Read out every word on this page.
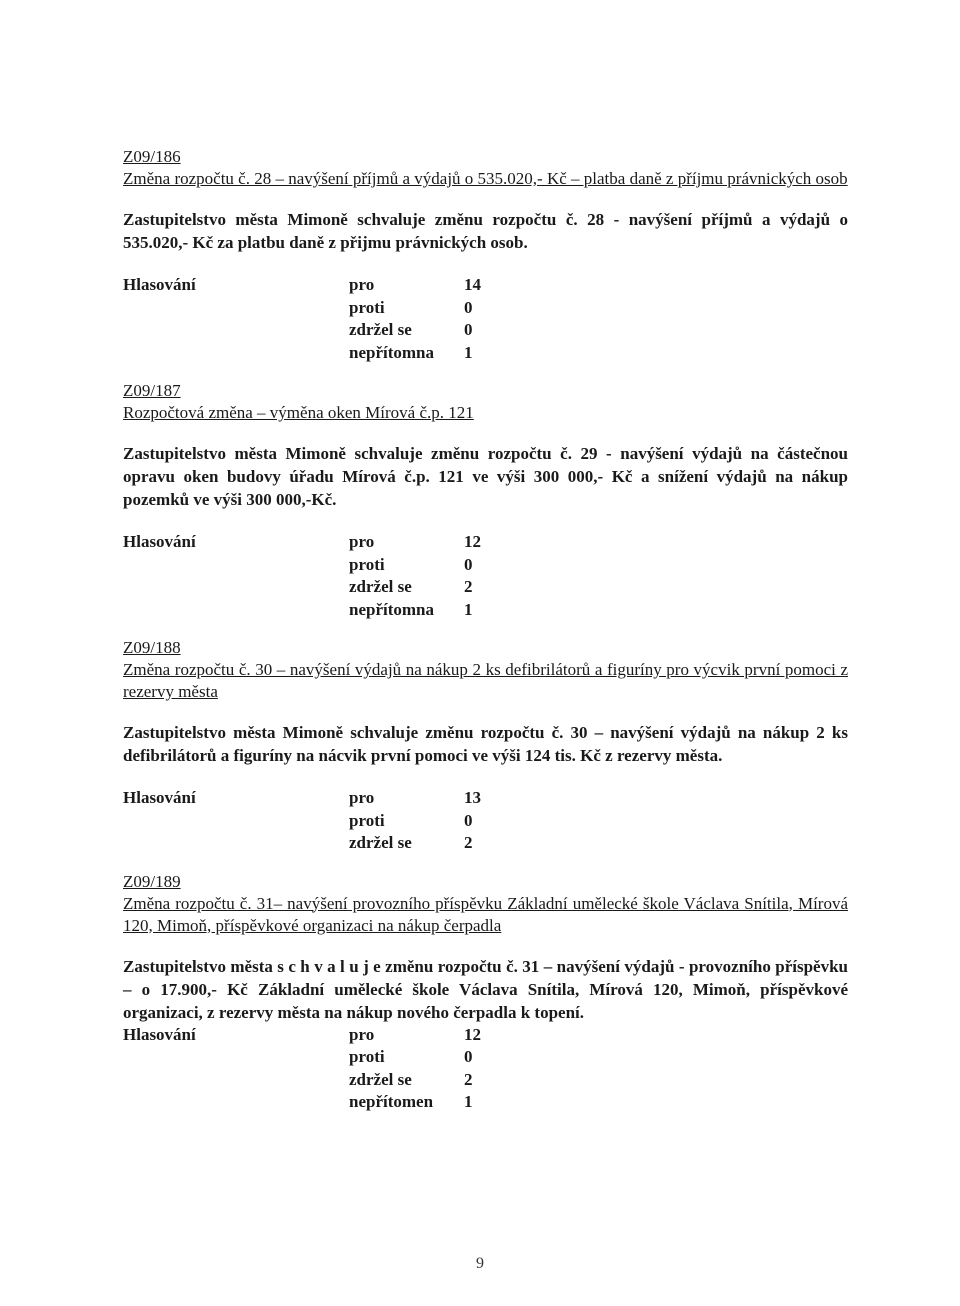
Z09/186
Změna rozpočtu č. 28 – navýšení příjmů a výdajů o 535.020,- Kč – platba daně z příjmu právnických osob
Zastupitelstvo města Mimoně schvaluje změnu rozpočtu č. 28 - navýšení příjmů a výdajů o 535.020,- Kč za platbu daně z přijmu právnických osob.
Hlasování	pro	14
proti	0
zdržel se	0
nepřítomna	1
Z09/187
Rozpočtová změna – výměna oken Mírová č.p. 121
Zastupitelstvo města Mimoně schvaluje změnu rozpočtu č. 29 - navýšení výdajů na částečnou opravu oken budovy úřadu Mírová č.p. 121 ve výši 300 000,- Kč a snížení výdajů na nákup pozemků ve výši 300 000,-Kč.
Hlasování	pro	12
proti	0
zdržel se	2
nepřítomna	1
Z09/188
Změna rozpočtu č. 30 – navýšení výdajů na nákup 2 ks defibrilátorů a figuríny pro výcvik první pomoci z rezervy města
Zastupitelstvo města Mimoně schvaluje změnu rozpočtu č. 30 – navýšení výdajů na nákup 2 ks defibrilátorů a figuríny na nácvik první pomoci ve výši 124 tis. Kč z rezervy města.
Hlasování	pro	13
proti	0
zdržel se	2
Z09/189
Změna rozpočtu č. 31– navýšení provozního příspěvku Základní umělecké škole Václava Snítila, Mírová 120, Mimoň, příspěvkové organizaci na nákup čerpadla
Zastupitelstvo města s c h v a l u j e změnu rozpočtu č. 31 – navýšení výdajů - provozního příspěvku – o 17.900,- Kč Základní umělecké škole Václava Snítila, Mírová 120, Mimoň, příspěvkové organizaci, z rezervy města na nákup nového čerpadla k topení.
Hlasování	pro	12
proti	0
zdržel se	2
nepřítomen	1
9
